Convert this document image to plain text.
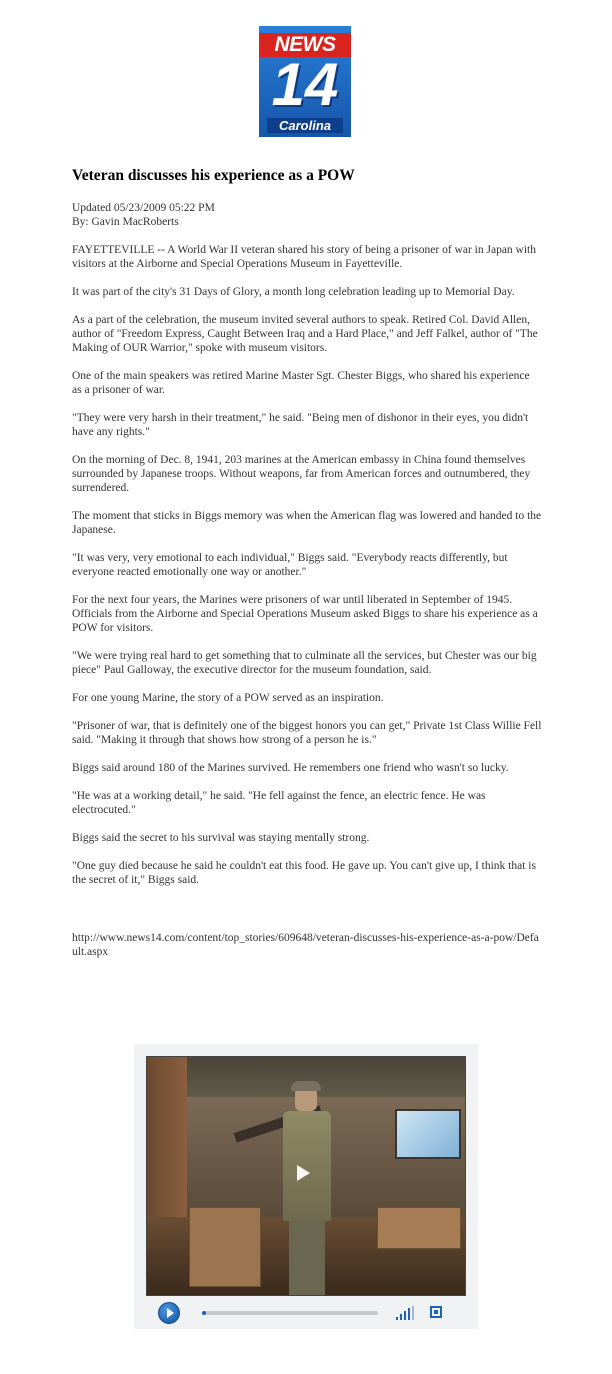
NEWS
14
Carolina
Veteran discusses his experience as a POW
Updated 05/23/2009 05:22 PM
By: Gavin MacRoberts

FAYETTEVILLE -- A World War II veteran shared his story of being a prisoner of war in Japan with visitors at the Airborne and Special Operations Museum in Fayetteville.

It was part of the city's 31 Days of Glory, a month long celebration leading up to Memorial Day.

As a part of the celebration, the museum invited several authors to speak. Retired Col. David Allen, author of "Freedom Express, Caught Between Iraq and a Hard Place," and Jeff Falkel, author of "The Making of OUR Warrior," spoke with museum visitors.

One of the main speakers was retired Marine Master Sgt. Chester Biggs, who shared his experience as a prisoner of war.

"They were very harsh in their treatment," he said. "Being men of dishonor in their eyes, you didn't have any rights."

On the morning of Dec. 8, 1941, 203 marines at the American embassy in China found themselves surrounded by Japanese troops. Without weapons, far from American forces and outnumbered, they surrendered.

The moment that sticks in Biggs memory was when the American flag was lowered and handed to the Japanese.

"It was very, very emotional to each individual," Biggs said. "Everybody reacts differently, but everyone reacted emotionally one way or another."

For the next four years, the Marines were prisoners of war until liberated in September of 1945. Officials from the Airborne and Special Operations Museum asked Biggs to share his experience as a POW for visitors.

"We were trying real hard to get something that to culminate all the services, but Chester was our big piece" Paul Galloway, the executive director for the museum foundation, said.

For one young Marine, the story of a POW served as an inspiration.

"Prisoner of war, that is definitely one of the biggest honors you can get," Private 1st Class Willie Fell said. "Making it through that shows how strong of a person he is."

Biggs said around 180 of the Marines survived. He remembers one friend who wasn't so lucky.

"He was at a working detail," he said. "He fell against the fence, an electric fence. He was electrocuted."

Biggs said the secret to his survival was staying mentally strong.

"One guy died because he said he couldn't eat this food. He gave up. You can't give up, I think that is the secret of it," Biggs said.

http://www.news14.com/content/top_stories/609648/veteran-discusses-his-experience-as-a-pow/Default.aspx
